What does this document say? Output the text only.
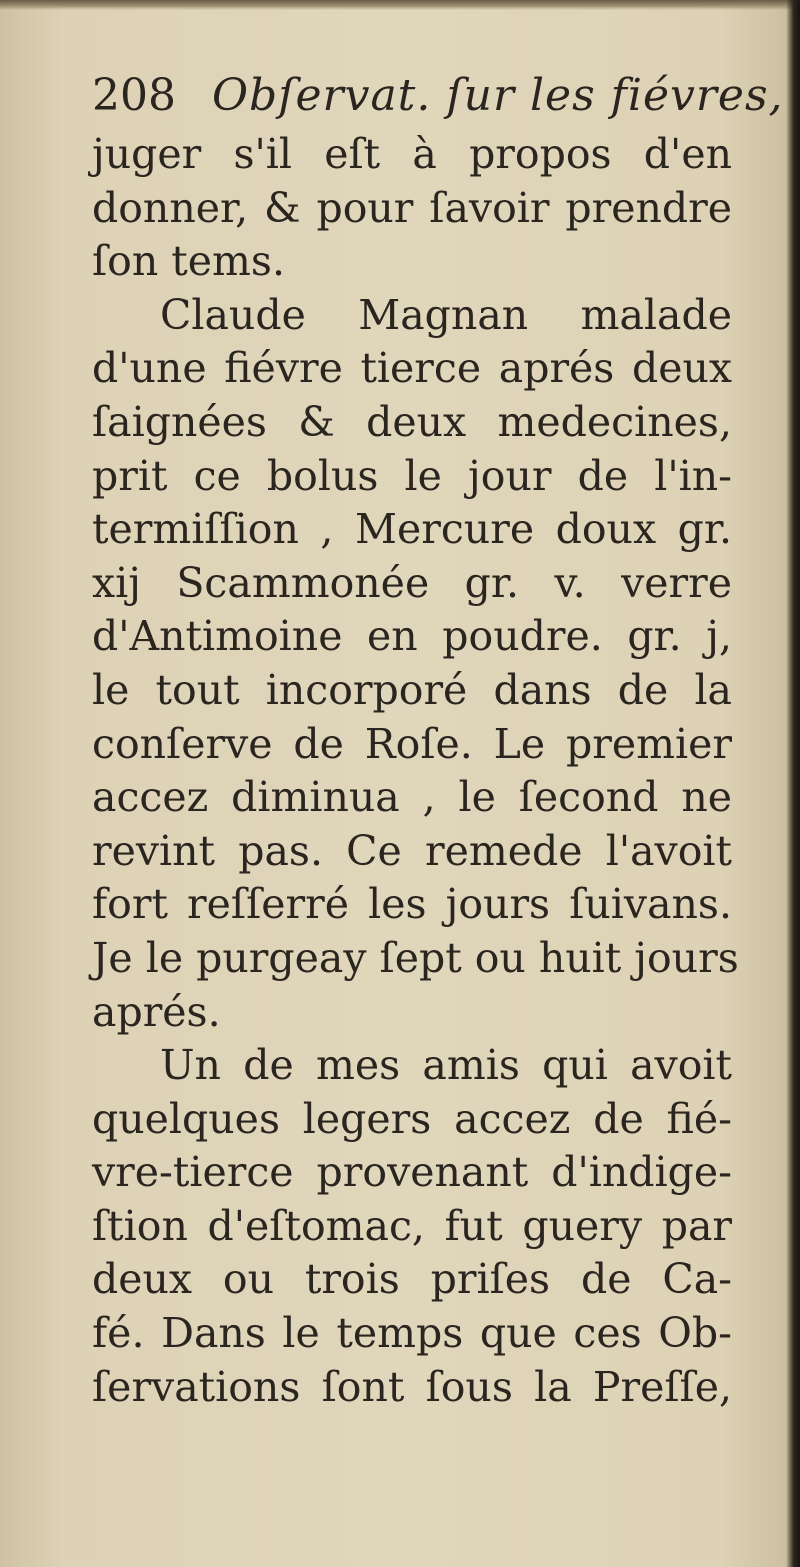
208 Obſervat. ſur les fiévres,
juger s'il eſt à propos d'en
donner, & pour ſavoir prendre
ſon tems.
Claude Magnan malade
d'une fiévre tierce aprés deux
ſaignées & deux medecines,
prit ce bolus le jour de l'in-
termiſſion , Mercure doux gr.
xij Scammonée gr. v. verre
d'Antimoine en poudre. gr. j,
le tout incorporé dans de la
conſerve de Roſe. Le premier
accez diminua , le ſecond ne
revint pas. Ce remede l'avoit
fort reſſerré les jours ſuivans.
Je le purgeay ſept ou huit jours
aprés.
Un de mes amis qui avoit
quelques legers accez de fié-
vre-tierce provenant d'indige-
ſtion d'eſtomac, fut guery par
deux ou trois priſes de Ca-
fé. Dans le temps que ces Ob-
ſervations ſont ſous la Preſſe,
